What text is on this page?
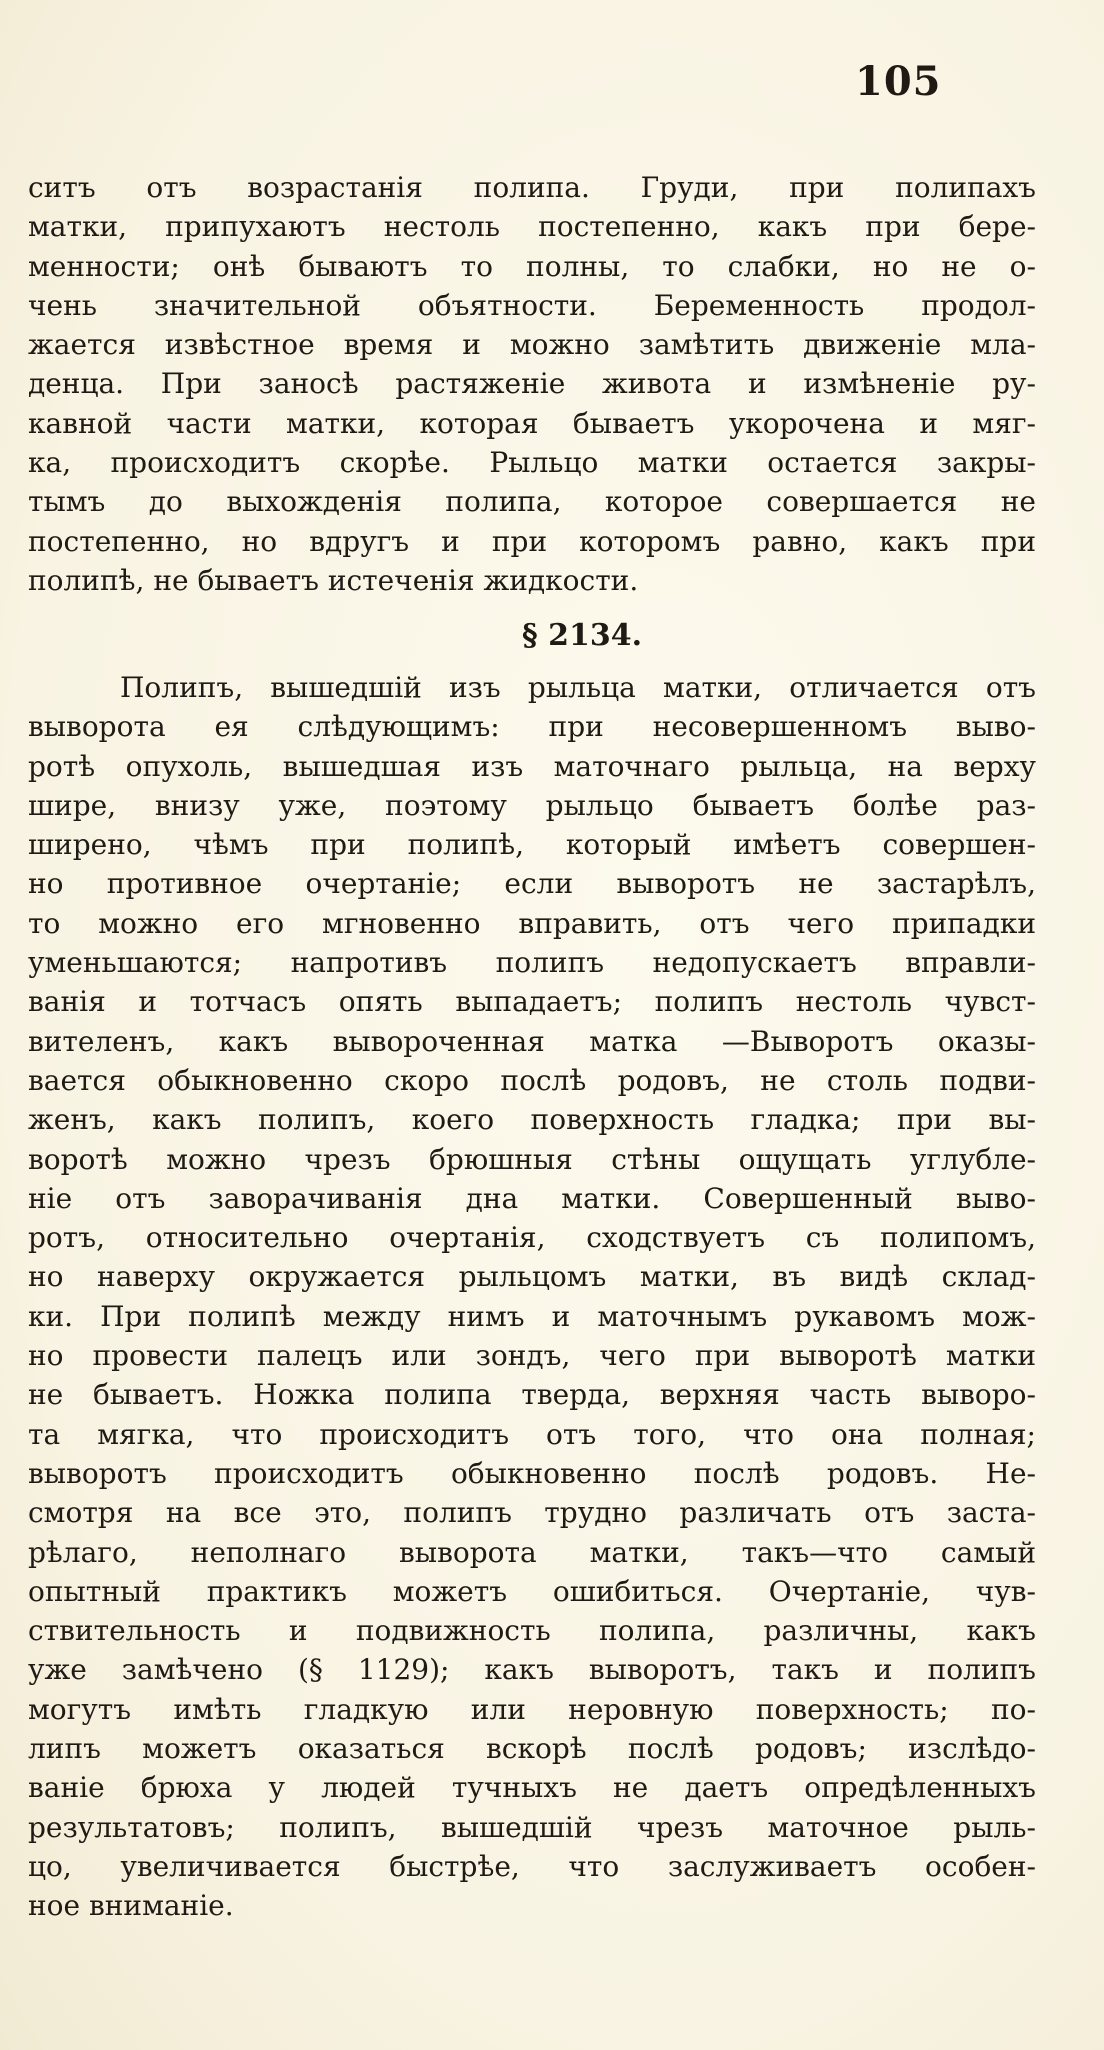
105
ситъ отъ возрастанія полипа. Груди, при полипахъ
матки, припухаютъ нестоль постепенно, какъ при бере-
менности; онѣ бываютъ то полны, то слабки, но не о-
чень значительной объятности. Беременность продол-
жается извѣстное время и можно замѣтить движеніе мла-
денца. При заносѣ растяженіе живота и измѣненіе ру-
кавной части матки, которая бываетъ укорочена и мяг-
ка, происходитъ скорѣе. Рыльцо матки остается закры-
тымъ до выхожденія полипа, которое совершается не
постепенно, но вдругъ и при которомъ равно, какъ при
полипѣ, не бываетъ истеченія жидкости.
§ 2134.
Полипъ, вышедшій изъ рыльца матки, отличается отъ
выворота ея слѣдующимъ: при несовершенномъ выво-
ротѣ опухоль, вышедшая изъ маточнаго рыльца, на верху
шире, внизу уже, поэтому рыльцо бываетъ болѣе раз-
ширено, чѣмъ при полипѣ, который имѣетъ совершен-
но противное очертаніе; если выворотъ не застарѣлъ,
то можно его мгновенно вправить, отъ чего припадки
уменьшаются; напротивъ полипъ недопускаетъ вправли-
ванія и тотчасъ опять выпадаетъ; полипъ нестоль чувст-
вителенъ, какъ вывороченная матка —Выворотъ оказы-
вается обыкновенно скоро послѣ родовъ, не столь подви-
женъ, какъ полипъ, коего поверхность гладка; при вы-
воротѣ можно чрезъ брюшныя стѣны ощущать углубле-
ніе отъ заворачиванія дна матки. Совершенный выво-
ротъ, относительно очертанія, сходствуетъ съ полипомъ,
но наверху окружается рыльцомъ матки, въ видѣ склад-
ки. При полипѣ между нимъ и маточнымъ рукавомъ мож-
но провести палецъ или зондъ, чего при выворотѣ матки
не бываетъ. Ножка полипа тверда, верхняя часть выворо-
та мягка, что происходитъ отъ того, что она полная;
выворотъ происходитъ обыкновенно послѣ родовъ. Не-
смотря на все это, полипъ трудно различать отъ заста-
рѣлаго, неполнаго выворота матки, такъ—что самый
опытный практикъ можетъ ошибиться. Очертаніе, чув-
ствительность и подвижность полипа, различны, какъ
уже замѣчено (§ 1129); какъ выворотъ, такъ и полипъ
могутъ имѣть гладкую или неровную поверхность; по-
липъ можетъ оказаться вскорѣ послѣ родовъ; изслѣдо-
ваніе брюха у людей тучныхъ не даетъ опредѣленныхъ
результатовъ; полипъ, вышедшій чрезъ маточное рыль-
цо, увеличивается быстрѣе, что заслуживаетъ особен-
ное вниманіе.
